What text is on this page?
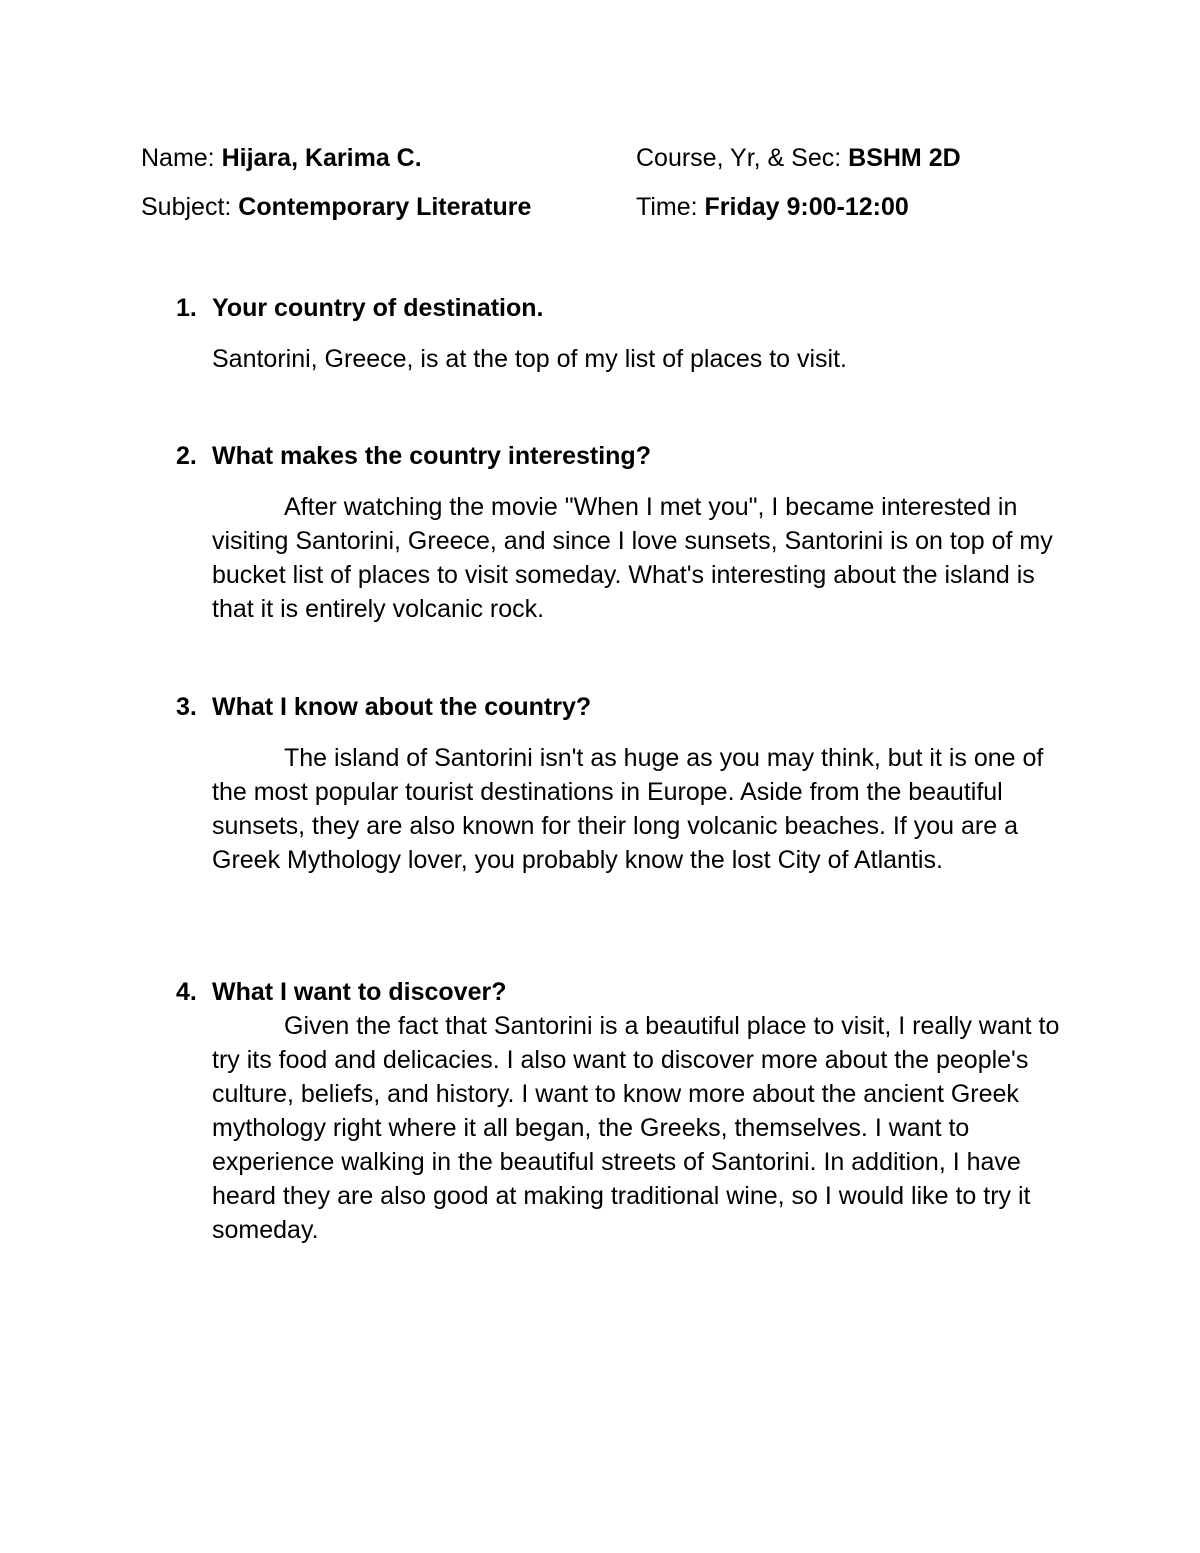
Name: Hijara, Karima C.	Course, Yr, & Sec: BSHM 2D
Subject: Contemporary Literature	Time: Friday 9:00-12:00
1. Your country of destination.
Santorini, Greece, is at the top of my list of places to visit.
2. What makes the country interesting?
After watching the movie "When I met you", I became interested in visiting Santorini, Greece, and since I love sunsets, Santorini is on top of my bucket list of places to visit someday. What's interesting about the island is that it is entirely volcanic rock.
3. What I know about the country?
The island of Santorini isn't as huge as you may think, but it is one of the most popular tourist destinations in Europe. Aside from the beautiful sunsets, they are also known for their long volcanic beaches. If you are a Greek Mythology lover, you probably know the lost City of Atlantis.
4. What I want to discover?
Given the fact that Santorini is a beautiful place to visit, I really want to try its food and delicacies. I also want to discover more about the people's culture, beliefs, and history. I want to know more about the ancient Greek mythology right where it all began, the Greeks, themselves. I want to experience walking in the beautiful streets of Santorini. In addition, I have heard they are also good at making traditional wine, so I would like to try it someday.
